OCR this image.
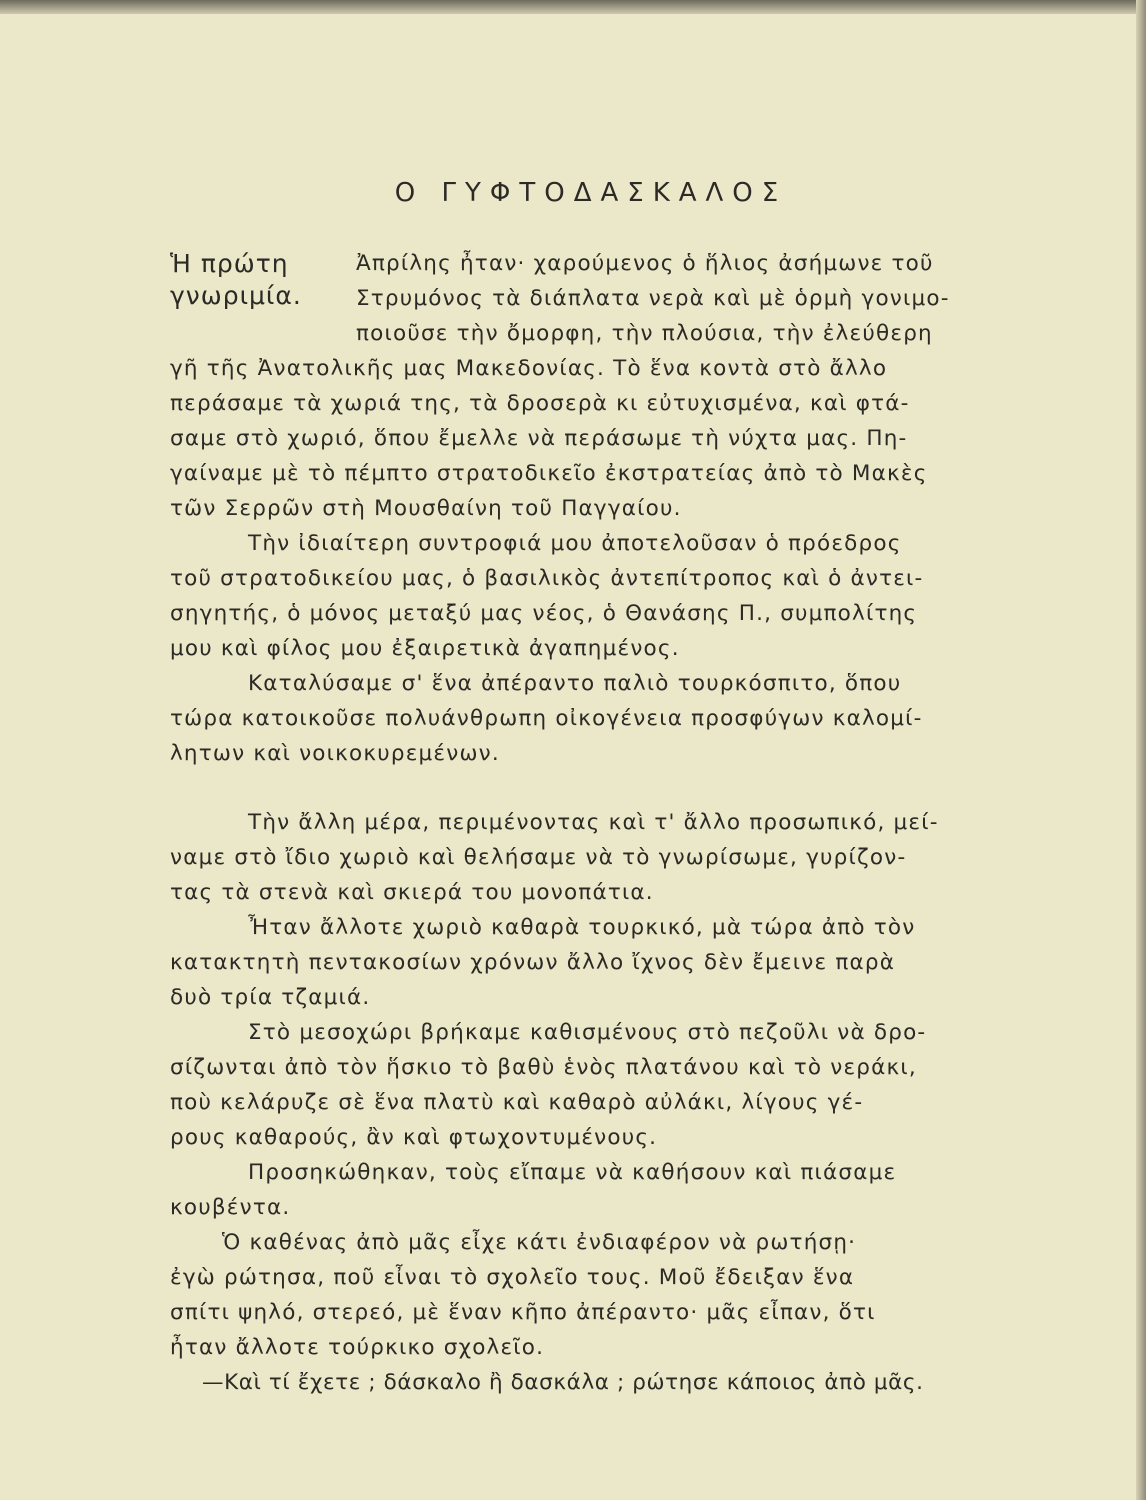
Ο ΓΥΦΤΟΔΑΣΚΑΛΟΣ
Ἡ πρώτη
γνωριμία.

Ἀπρίλης ἦταν· χαρούμενος ὁ ἥλιος ἀσήμωνε τοῦ
Στρυμόνος τὰ διάπλατα νερὰ καὶ μὲ ὁρμὴ γονιμο-
ποιοῦσε τὴν ὄμορφη, τὴν πλούσια, τὴν ἐλεύθερη

γῆ τῆς Ἀνατολικῆς μας Μακεδονίας. Τὸ ἕνα κοντὰ στὸ ἄλλο
περάσαμε τὰ χωριά της, τὰ δροσερὰ κι εὐτυχισμένα, καὶ φτά-
σαμε στὸ χωριό, ὅπου ἔμελλε νὰ περάσωμε τὴ νύχτα μας. Πη-
γαίναμε μὲ τὸ πέμπτο στρατοδικεῖο ἐκστρατείας ἀπὸ τὸ Μακὲς
τῶν Σερρῶν στὴ Μουσθαίνη τοῦ Παγγαίου.

Τὴν ἰδιαίτερη συντροφιά μου ἀποτελοῦσαν ὁ πρόεδρος
τοῦ στρατοδικείου μας, ὁ βασιλικὸς ἀντεπίτροπος καὶ ὁ ἀντει-
σηγητής, ὁ μόνος μεταξύ μας νέος, ὁ Θανάσης Π., συμπολίτης
μου καὶ φίλος μου ἐξαιρετικὰ ἀγαπημένος.

Καταλύσαμε σ' ἕνα ἀπέραντο παλιὸ τουρκόσπιτο, ὅπου
τώρα κατοικοῦσε πολυάνθρωπη οἰκογένεια προσφύγων καλομί-
λητων καὶ νοικοκυρεμένων.

Τὴν ἄλλη μέρα, περιμένοντας καὶ τ' ἄλλο προσωπικό, μεί-
ναμε στὸ ἴδιο χωριὸ καὶ θελήσαμε νὰ τὸ γνωρίσωμε, γυρίζον-
τας τὰ στενὰ καὶ σκιερά του μονοπάτια.

Ἦταν ἄλλοτε χωριὸ καθαρὰ τουρκικό, μὰ τώρα ἀπὸ τὸν
κατακτητὴ πεντακοσίων χρόνων ἄλλο ἴχνος δὲν ἔμεινε παρὰ
δυὸ τρία τζαμιά.

Στὸ μεσοχώρι βρήκαμε καθισμένους στὸ πεζοῦλι νὰ δρο-
σίζωνται ἀπὸ τὸν ἥσκιο τὸ βαθὺ ἑνὸς πλατάνου καὶ τὸ νεράκι,
ποὺ κελάρυζε σὲ ἕνα πλατὺ καὶ καθαρὸ αὐλάκι, λίγους γέ-
ρους καθαρούς, ἂν καὶ φτωχοντυμένους.

Προσηκώθηκαν, τοὺς εἴπαμε νὰ καθήσουν καὶ πιάσαμε
κουβέντα.

Ὁ καθένας ἀπὸ μᾶς εἶχε κάτι ἐνδιαφέρον νὰ ρωτήσῃ·
ἐγὼ ρώτησα, ποῦ εἶναι τὸ σχολεῖο τους. Μοῦ ἔδειξαν ἕνα
σπίτι ψηλό, στερεό, μὲ ἕναν κῆπο ἀπέραντο· μᾶς εἶπαν, ὅτι
ἦταν ἄλλοτε τούρκικο σχολεῖο.

—Καὶ τί ἔχετε ; δάσκαλο ἢ δασκάλα ; ρώτησε κάποιος ἀπὸ μᾶς.
